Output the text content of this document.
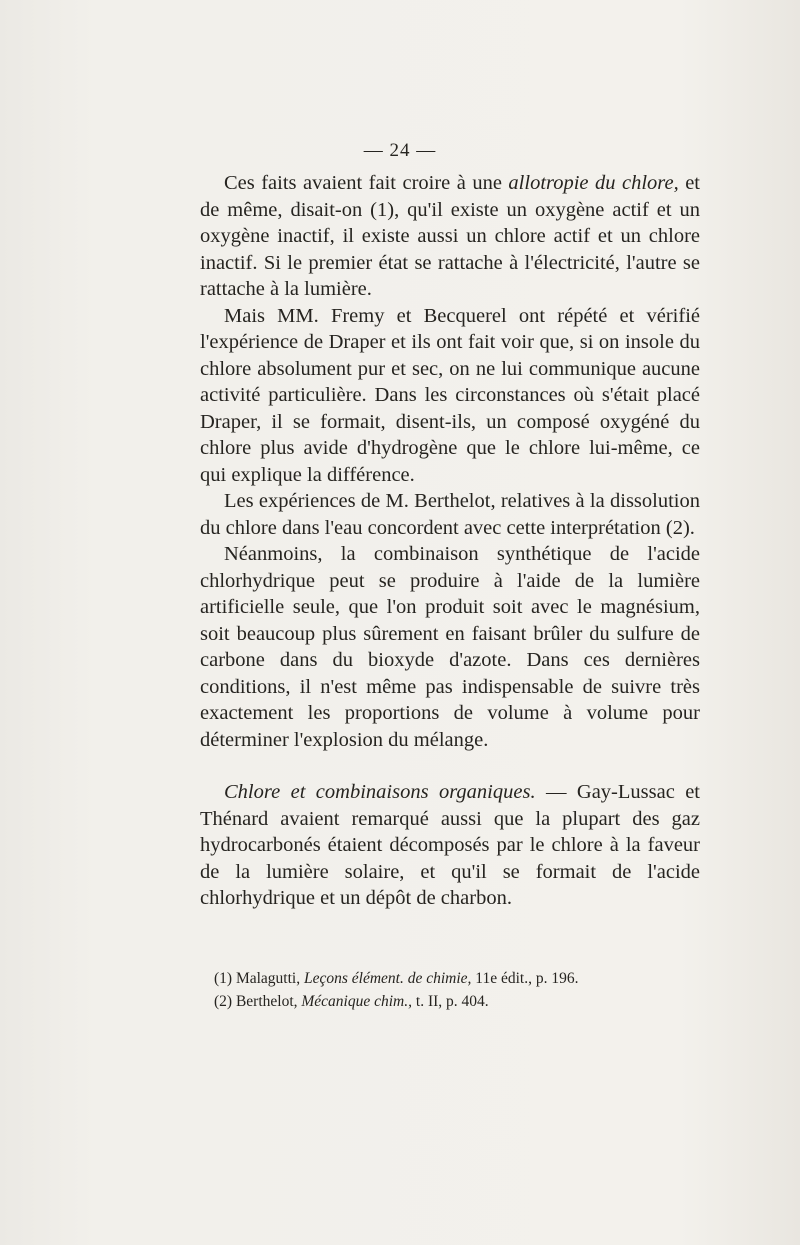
— 24 —

Ces faits avaient fait croire à une allotropie du chlore, et de même, disait-on (1), qu'il existe un oxygène actif et un oxygène inactif, il existe aussi un chlore actif et un chlore inactif. Si le premier état se rattache à l'électricité, l'autre se rattache à la lumière.

Mais MM. Fremy et Becquerel ont répété et vérifié l'expérience de Draper et ils ont fait voir que, si on insole du chlore absolument pur et sec, on ne lui communique aucune activité particulière. Dans les circonstances où s'était placé Draper, il se formait, disent-ils, un composé oxygéné du chlore plus avide d'hydrogène que le chlore lui-même, ce qui explique la différence.

Les expériences de M. Berthelot, relatives à la dissolution du chlore dans l'eau concordent avec cette interprétation (2).

Néanmoins, la combinaison synthétique de l'acide chlorhydrique peut se produire à l'aide de la lumière artificielle seule, que l'on produit soit avec le magnésium, soit beaucoup plus sûrement en faisant brûler du sulfure de carbone dans du bioxyde d'azote. Dans ces dernières conditions, il n'est même pas indispensable de suivre très exactement les proportions de volume à volume pour déterminer l'explosion du mélange.

Chlore et combinaisons organiques. — Gay-Lussac et Thénard avaient remarqué aussi que la plupart des gaz hydrocarbonés étaient décomposés par le chlore à la faveur de la lumière solaire, et qu'il se formait de l'acide chlorhydrique et un dépôt de charbon.

(1) Malagutti, Leçons élément. de chimie, 11e édit., p. 196.
(2) Berthelot, Mécanique chim., t. II, p. 404.
